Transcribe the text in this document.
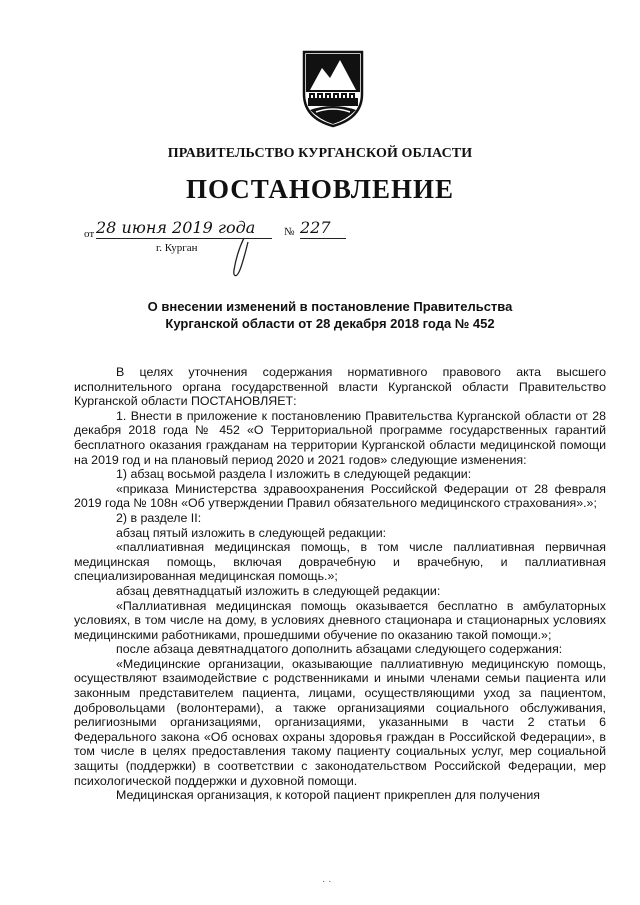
ПРАВИТЕЛЬСТВО КУРГАНСКОЙ ОБЛАСТИ
ПОСТАНОВЛЕНИЕ
от 28 июня 2019 года	№ 227
г. Курган
О внесении изменений в постановление Правительства
Курганской области от 28 декабря 2018 года № 452

В целях уточнения содержания нормативного правового акта высшего исполнительного органа государственной власти Курганской области Правительство Курганской области ПОСТАНОВЛЯЕТ:

1. Внести в приложение к постановлению Правительства Курганской области от 28 декабря 2018 года № 452 «О Территориальной программе государственных гарантий бесплатного оказания гражданам на территории Курганской области медицинской помощи на 2019 год и на плановый период 2020 и 2021 годов» следующие изменения:

1) абзац восьмой раздела I изложить в следующей редакции:

«приказа Министерства здравоохранения Российской Федерации от 28 февраля 2019 года № 108н «Об утверждении Правил обязательного медицинского страхования».»;

2) в разделе II:

абзац пятый изложить в следующей редакции:

«паллиативная медицинская помощь, в том числе паллиативная первичная медицинская помощь, включая доврачебную и врачебную, и паллиативная специализированная медицинская помощь.»;

абзац девятнадцатый изложить в следующей редакции:

«Паллиативная медицинская помощь оказывается бесплатно в амбулаторных условиях, в том числе на дому, в условиях дневного стационара и стационарных условиях медицинскими работниками, прошедшими обучение по оказанию такой помощи.»;

после абзаца девятнадцатого дополнить абзацами следующего содержания:

«Медицинские организации, оказывающие паллиативную медицинскую помощь, осуществляют взаимодействие с родственниками и иными членами семьи пациента или законным представителем пациента, лицами, осуществляющими уход за пациентом, добровольцами (волонтерами), а также организациями социального обслуживания, религиозными организациями, организациями, указанными в части 2 статьи 6 Федерального закона «Об основах охраны здоровья граждан в Российской Федерации», в том числе в целях предоставления такому пациенту социальных услуг, мер социальной защиты (поддержки) в соответствии с законодательством Российской Федерации, мер психологической поддержки и духовной помощи.

Медицинская организация, к которой пациент прикреплен для получения

· ·
